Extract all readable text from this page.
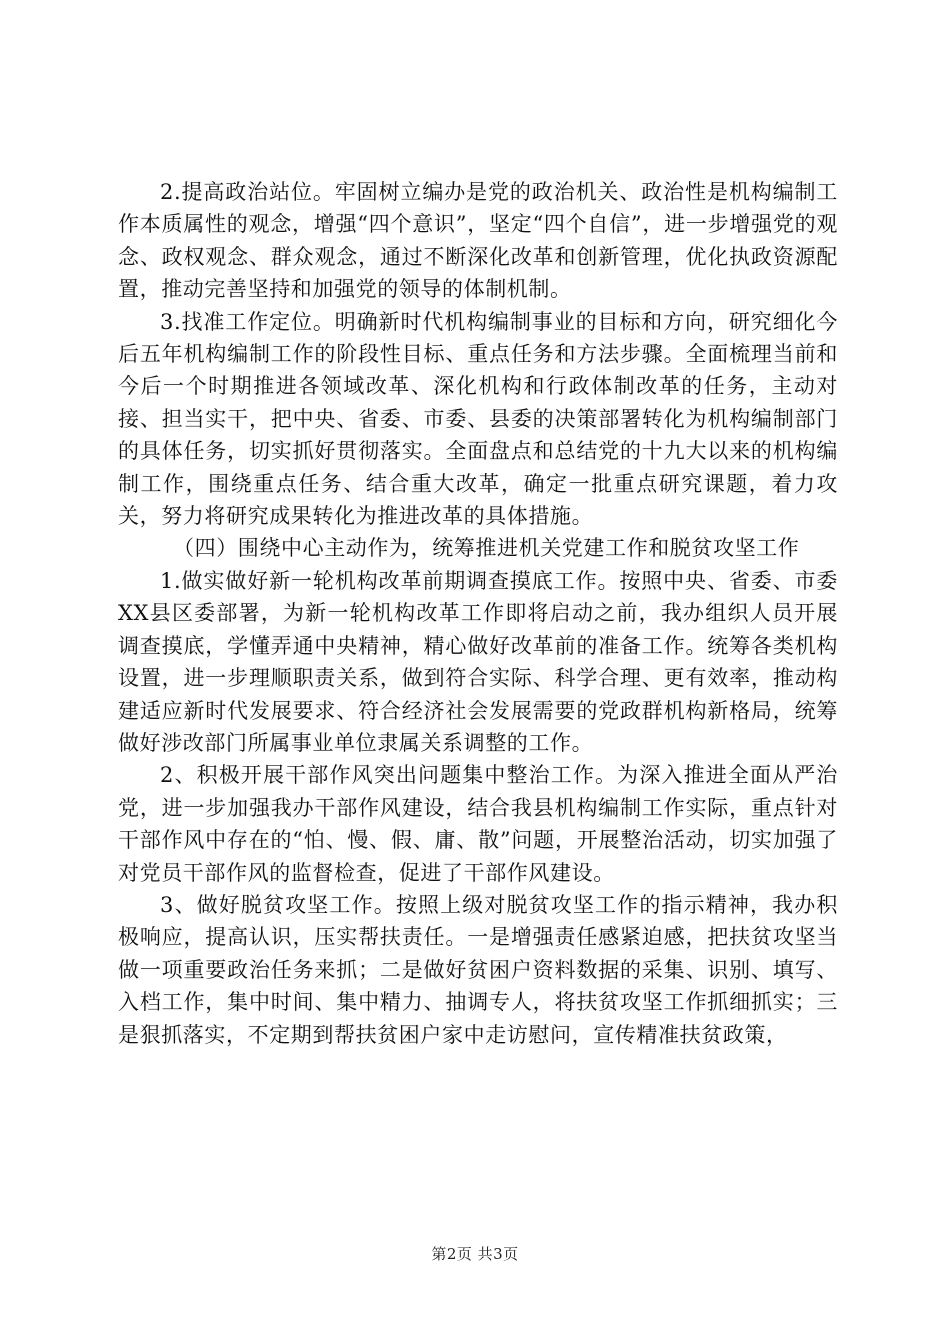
2.提高政治站位。牢固树立编办是党的政治机关、政治性是机构编制工作本质属性的观念，增强“四个意识”，坚定“四个自信”，进一步增强党的观念、政权观念、群众观念，通过不断深化改革和创新管理，优化执政资源配置，推动完善坚持和加强党的领导的体制机制。

3.找准工作定位。明确新时代机构编制事业的目标和方向，研究细化今后五年机构编制工作的阶段性目标、重点任务和方法步骤。全面梳理当前和今后一个时期推进各领域改革、深化机构和行政体制改革的任务，主动对接、担当实干，把中央、省委、市委、县委的决策部署转化为机构编制部门的具体任务，切实抓好贯彻落实。全面盘点和总结党的十九大以来的机构编制工作，围绕重点任务、结合重大改革，确定一批重点研究课题，着力攻关，努力将研究成果转化为推进改革的具体措施。

（四）围绕中心主动作为，统筹推进机关党建工作和脱贫攻坚工作

1.做实做好新一轮机构改革前期调查摸底工作。按照中央、省委、市委XX县区委部署，为新一轮机构改革工作即将启动之前，我办组织人员开展调查摸底，学懂弄通中央精神，精心做好改革前的准备工作。统筹各类机构设置，进一步理顺职责关系，做到符合实际、科学合理、更有效率，推动构建适应新时代发展要求、符合经济社会发展需要的党政群机构新格局，统筹做好涉改部门所属事业单位隶属关系调整的工作。

2、积极开展干部作风突出问题集中整治工作。为深入推进全面从严治党，进一步加强我办干部作风建设，结合我县机构编制工作实际，重点针对干部作风中存在的“怕、慢、假、庸、散”问题，开展整治活动，切实加强了对党员干部作风的监督检查，促进了干部作风建设。

3、做好脱贫攻坚工作。按照上级对脱贫攻坚工作的指示精神，我办积极响应，提高认识，压实帮扶责任。一是增强责任感紧迫感，把扶贫攻坚当做一项重要政治任务来抓；二是做好贫困户资料数据的采集、识别、填写、入档工作，集中时间、集中精力、抽调专人，将扶贫攻坚工作抓细抓实；三是狠抓落实，不定期到帮扶贫困户家中走访慰问，宣传精准扶贫政策，

第2页 共3页
